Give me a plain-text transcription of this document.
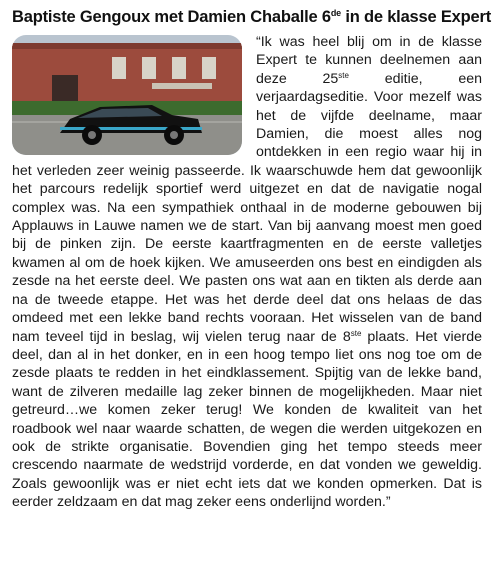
Baptiste Gengoux met Damien Chaballe 6de in de klasse Expert

“Ik was heel blij om in de klasse Expert te kunnen deelnemen aan deze 25ste editie, een verjaardagseditie. Voor mezelf was het de vijfde deelname, maar Damien, die moest alles nog ontdekken in een regio waar hij in het verleden zeer weinig passeerde. Ik waarschuwde hem dat gewoonlijk het parcours redelijk sportief werd uitgezet en dat de navigatie nogal complex was. Na een sympathiek onthaal in de moderne gebouwen bij Applauws in Lauwe namen we de start. Van bij aanvang moest men goed bij de pinken zijn. De eerste kaartfragmenten en de eerste valletjes kwamen al om de hoek kijken. We amuseerden ons best en eindigden als zesde na het eerste deel. We pasten ons wat aan en tikten als derde aan na de tweede etappe. Het was het derde deel dat ons helaas de das omdeed met een lekke band rechts vooraan. Het wisselen van de band nam teveel tijd in beslag, wij vielen terug naar de 8ste plaats. Het vierde deel, dan al in het donker, en in een hoog tempo liet ons nog toe om de zesde plaats te redden in het eindklassement. Spijtig van de lekke band, want de zilveren medaille lag zeker binnen de mogelijkheden. Maar niet getreurd…we komen zeker terug! We konden de kwaliteit van het roadbook wel naar waarde schatten, de wegen die werden uitgekozen en ook de strikte organisatie. Bovendien ging het tempo steeds meer crescendo naarmate de wedstrijd vorderde, en dat vonden we geweldig. Zoals gewoonlijk was er niet echt iets dat we konden opmerken. Dat is eerder zeldzaam en dat mag zeker eens onderlijnd worden.”
